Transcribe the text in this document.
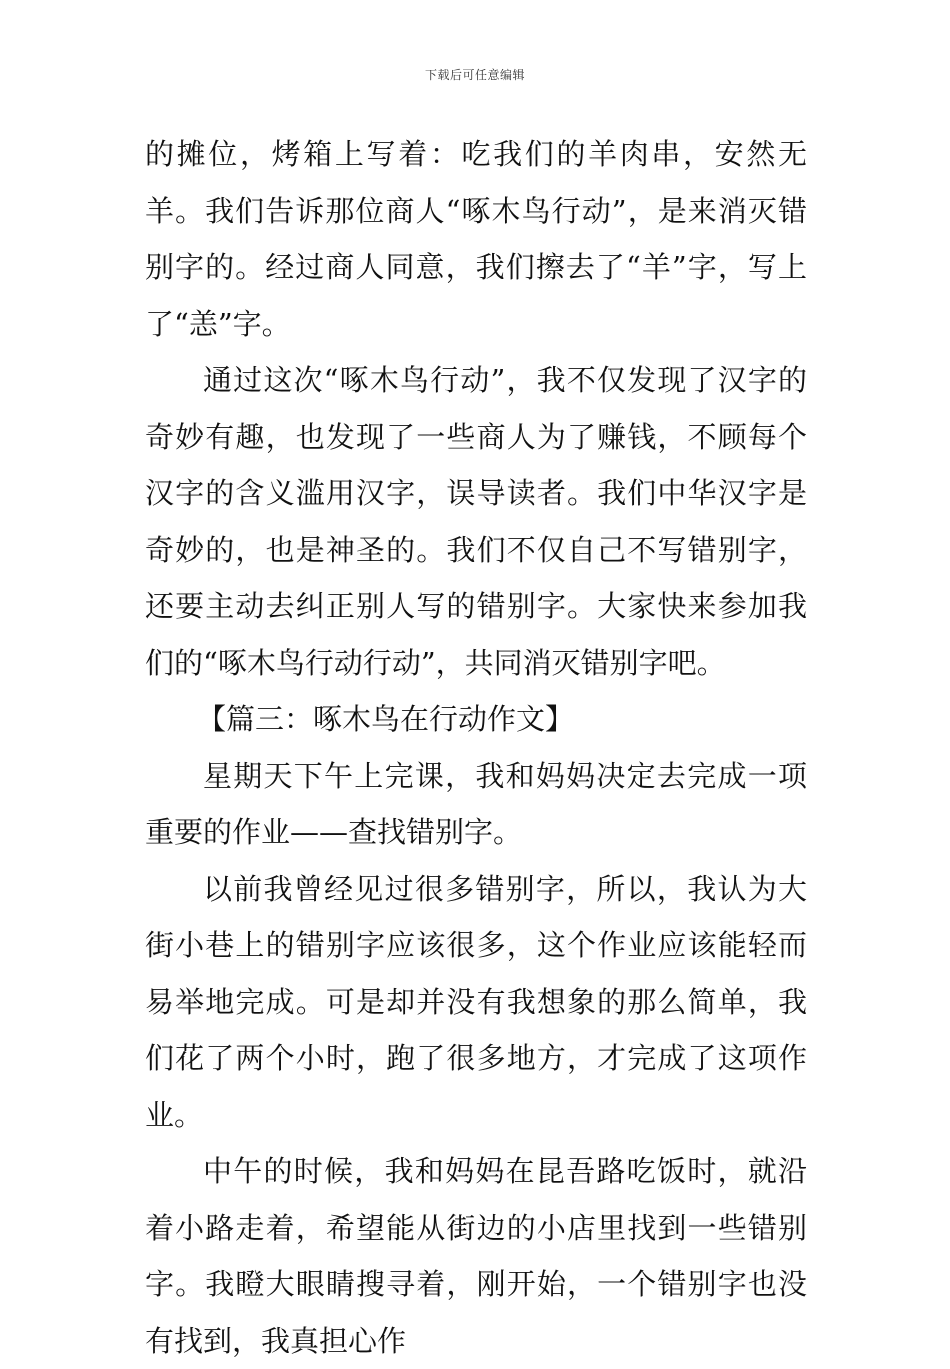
下载后可任意编辑

的摊位，烤箱上写着：吃我们的羊肉串，安然无羊。我们告诉那位商人“啄木鸟行动”，是来消灭错别字的。经过商人同意，我们擦去了“羊”字，写上了“恙”字。

通过这次“啄木鸟行动”，我不仅发现了汉字的奇妙有趣，也发现了一些商人为了赚钱，不顾每个汉字的含义滥用汉字，误导读者。我们中华汉字是奇妙的，也是神圣的。我们不仅自己不写错别字，还要主动去纠正别人写的错别字。大家快来参加我们的“啄木鸟行动行动”，共同消灭错别字吧。

【篇三：啄木鸟在行动作文】

星期天下午上完课，我和妈妈决定去完成一项重要的作业——查找错别字。

以前我曾经见过很多错别字，所以，我认为大街小巷上的错别字应该很多，这个作业应该能轻而易举地完成。可是却并没有我想象的那么简单，我们花了两个小时，跑了很多地方，才完成了这项作业。

中午的时候，我和妈妈在昆吾路吃饭时，就沿着小路走着，希望能从街边的小店里找到一些错别字。我瞪大眼睛搜寻着，刚开始，一个错别字也没有找到，我真担心作
